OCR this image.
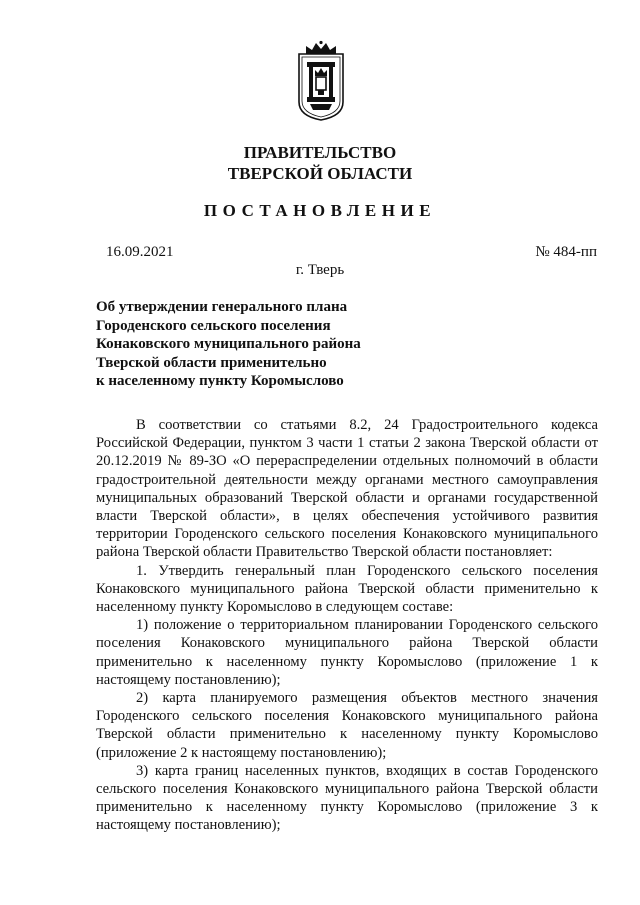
ПРАВИТЕЛЬСТВО
ТВЕРСКОЙ ОБЛАСТИ
ПОСТАНОВЛЕНИЕ
16.09.2021	№ 484-пп
г. Тверь
Об утверждении генерального плана
Городенского сельского поселения
Конаковского муниципального района
Тверской области применительно
к населенному пункту Коромыслово

В соответствии со статьями 8.2, 24 Градостроительного кодекса Российской Федерации, пунктом 3 части 1 статьи 2 закона Тверской области от 20.12.2019 № 89-ЗО «О перераспределении отдельных полномочий в области градостроительной деятельности между органами местного самоуправления муниципальных образований Тверской области и органами государственной власти Тверской области», в целях обеспечения устойчивого развития территории Городенского сельского поселения Конаковского муниципального района Тверской области Правительство Тверской области постановляет:

1. Утвердить генеральный план Городенского сельского поселения Конаковского муниципального района Тверской области применительно к населенному пункту Коромыслово в следующем составе:

1) положение о территориальном планировании Городенского сельского поселения Конаковского муниципального района Тверской области применительно к населенному пункту Коромыслово (приложение 1 к настоящему постановлению);

2) карта планируемого размещения объектов местного значения Городенского сельского поселения Конаковского муниципального района Тверской области применительно к населенному пункту Коромыслово (приложение 2 к настоящему постановлению);

3) карта границ населенных пунктов, входящих в состав Городенского сельского поселения Конаковского муниципального района Тверской области применительно к населенному пункту Коромыслово (приложение 3 к настоящему постановлению);
